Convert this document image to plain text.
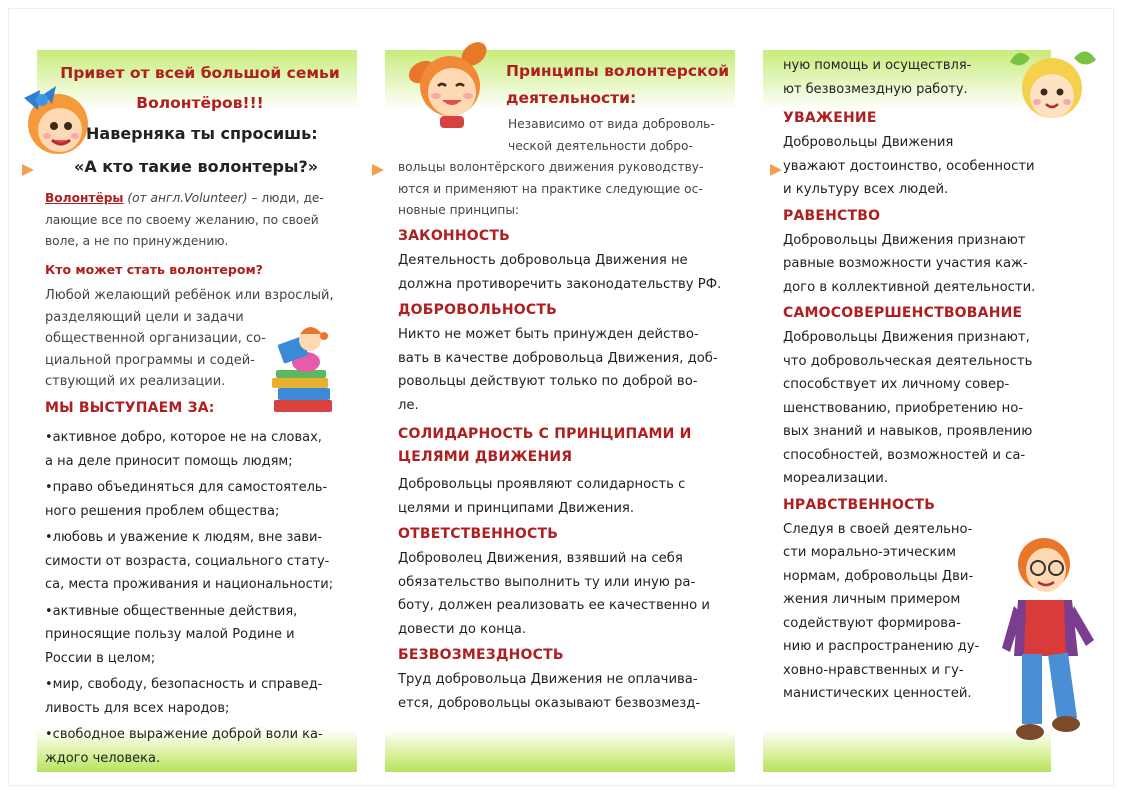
Привет от всей большой семьи
Волонтёров!!!
Наверняка ты спросишь:
«А кто такие волонтеры?»
Волонтёры (от англ.Volunteer) – люди, де-
лающие все по своему желанию, по своей
воле, а не по принуждению.
Кто может стать волонтером?
Любой желающий ребёнок или взрослый,
разделяющий цели и задачи
общественной организации, со-
циальной программы и содей-
ствующий их реализации.
МЫ ВЫСТУПАЕМ ЗА:
•активное добро, которое не на словах,
а на деле приносит помощь людям;
•право объединяться для самостоятель-
ного решения проблем общества;
•любовь и уважение к людям, вне зави-
симости от возраста, социального стату-
са, места проживания и национальности;
•активные общественные действия,
приносящие пользу малой Родине и
России в целом;
•мир, свободу, безопасность и справед-
ливость для всех народов;
•свободное выражение доброй воли ка-
ждого человека.
Принципы волонтерской
деятельности:
Независимо от вида доброволь-
ческой деятельности добро-
вольцы волонтёрского движения руководству-
ются и применяют на практике следующие ос-
новные принципы:
ЗАКОННОСТЬ
Деятельность добровольца Движения не
должна противоречить законодательству РФ.
ДОБРОВОЛЬНОСТЬ
Никто не может быть принужден действо-
вать в качестве добровольца Движения, доб-
ровольцы действуют только по доброй во-
ле.
СОЛИДАРНОСТЬ С ПРИНЦИПАМИ И
ЦЕЛЯМИ ДВИЖЕНИЯ
Добровольцы проявляют солидарность с
целями и принципами Движения.
ОТВЕТСТВЕННОСТЬ
Доброволец Движения, взявший на себя
обязательство выполнить ту или иную ра-
боту, должен реализовать ее качественно и
довести до конца.
БЕЗВОЗМЕЗДНОСТЬ
Труд добровольца Движения не оплачива-
ется, добровольцы оказывают безвозмезд-
ную помощь и осуществля-
ют безвозмездную работу.
УВАЖЕНИЕ
Добровольцы Движения
уважают достоинство, особенности
и культуру всех людей.
РАВЕНСТВО
Добровольцы Движения признают
равные возможности участия каж-
дого в коллективной деятельности.
САМОСОВЕРШЕНСТВОВАНИЕ
Добровольцы Движения признают,
что добровольческая деятельность
способствует их личному совер-
шенствованию, приобретению но-
вых знаний и навыков, проявлению
способностей, возможностей и са-
мореализации.
НРАВСТВЕННОСТЬ
Следуя в своей деятельно-
сти морально-этическим
нормам, добровольцы Дви-
жения личным примером
содействуют формирова-
нию и распространению ду-
ховно-нравственных и гу-
манистических ценностей.
